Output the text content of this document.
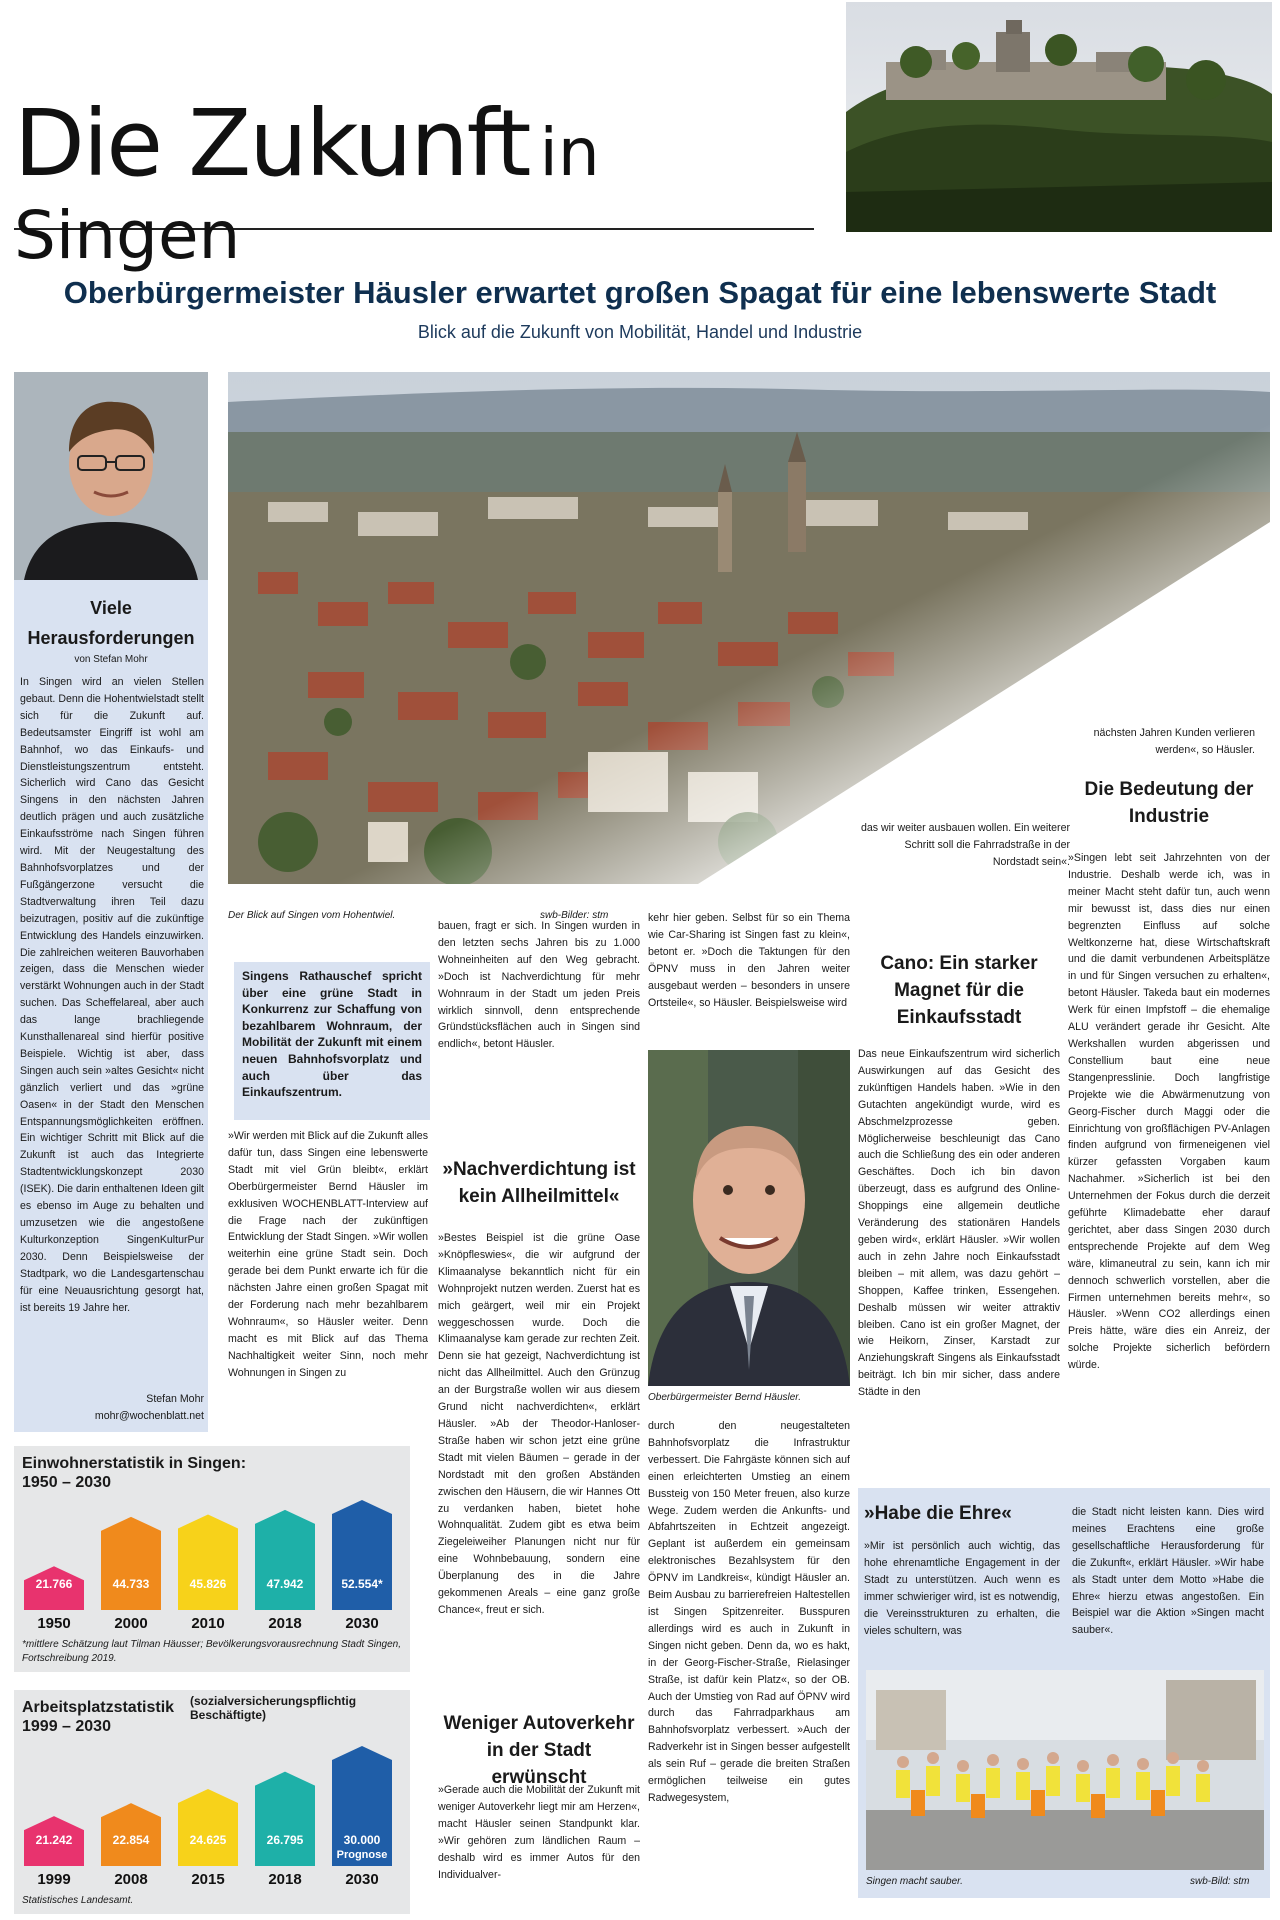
Die Zukunft in Singen
Oberbürgermeister Häusler erwartet großen Spagat für eine lebenswerte Stadt
Blick auf die Zukunft von Mobilität, Handel und Industrie
Viele
Herausforderungen
von Stefan Mohr
In Singen wird an vielen Stellen gebaut. Denn die Hohentwielstadt stellt sich für die Zukunft auf. Bedeutsamster Eingriff ist wohl am Bahnhof, wo das Einkaufs- und Dienstleistungszentrum entsteht. Sicherlich wird Cano das Gesicht Singens in den nächsten Jahren deutlich prägen und auch zusätzliche Einkaufsströme nach Singen führen wird. Mit der Neugestaltung des Bahnhofsvorplatzes und der Fußgängerzone versucht die Stadtverwaltung ihren Teil dazu beizutragen, positiv auf die zukünftige Entwicklung des Handels einzuwirken. Die zahlreichen weiteren Bauvorhaben zeigen, dass die Menschen wieder verstärkt Wohnungen auch in der Stadt suchen. Das Scheffelareal, aber auch das lange brachliegende Kunsthallenareal sind hierfür positive Beispiele. Wichtig ist aber, dass Singen auch sein »altes Gesicht« nicht gänzlich verliert und das »grüne Oasen« in der Stadt den Menschen Entspannungsmöglichkeiten eröffnen. Ein wichtiger Schritt mit Blick auf die Zukunft ist auch das Integrierte Stadtentwicklungskonzept 2030 (ISEK). Die darin enthaltenen Ideen gilt es ebenso im Auge zu behalten und umzusetzen wie die angestoßene Kulturkonzeption SingenKulturPur 2030. Denn Beispielsweise der Stadtpark, wo die Landesgartenschau für eine Neuausrichtung gesorgt hat, ist bereits 19 Jahre her.
Stefan Mohr
mohr@wochenblatt.net
nächsten Jahren Kunden verlieren werden«, so Häusler.
das wir weiter ausbauen wollen. Ein weiterer Schritt soll die Fahrradstraße in der Nordstadt sein«.
Der Blick auf Singen vom Hohentwiel.	swb-Bilder: stm
Singens Rathauschef spricht über eine grüne Stadt in Konkurrenz zur Schaffung von bezahlbarem Wohnraum, der Mobilität der Zukunft mit einem neuen Bahnhofsvorplatz und auch über das Einkaufszentrum.
»Wir werden mit Blick auf die Zukunft alles dafür tun, dass Singen eine lebenswerte Stadt mit viel Grün bleibt«, erklärt Oberbürgermeister Bernd Häusler im exklusiven WOCHENBLATT-Interview auf die Frage nach der zukünftigen Entwicklung der Stadt Singen. »Wir wollen weiterhin eine grüne Stadt sein. Doch gerade bei dem Punkt erwarte ich für die nächsten Jahre einen großen Spagat mit der Forderung nach mehr bezahlbarem Wohnraum«, so Häusler weiter. Denn macht es mit Blick auf das Thema Nachhaltigkeit weiter Sinn, noch mehr Wohnungen in Singen zu
bauen, fragt er sich. In Singen wurden in den letzten sechs Jahren bis zu 1.000 Wohneinheiten auf den Weg gebracht. »Doch ist Nachverdichtung für mehr Wohnraum in der Stadt um jeden Preis wirklich sinnvoll, denn entsprechende Gründstücksflächen auch in Singen sind endlich«, betont Häusler.
»Nachverdichtung ist kein Allheilmittel«
»Bestes Beispiel ist die grüne Oase »Knöpfleswies«, die wir aufgrund der Klimaanalyse bekanntlich nicht für ein Wohnprojekt nutzen werden. Zuerst hat es mich geärgert, weil mir ein Projekt weggeschossen wurde. Doch die Klimaanalyse kam gerade zur rechten Zeit. Denn sie hat gezeigt, Nachverdichtung ist nicht das Allheilmittel. Auch den Grünzug an der Burgstraße wollen wir aus diesem Grund nicht nachverdichten«, erklärt Häusler. »Ab der Theodor-Hanloser-Straße haben wir schon jetzt eine grüne Stadt mit vielen Bäumen – gerade in der Nordstadt mit den großen Abständen zwischen den Häusern, die wir Hannes Ott zu verdanken haben, bietet hohe Wohnqualität. Zudem gibt es etwa beim Ziegeleiweiher Planungen nicht nur für eine Wohnbebauung, sondern eine Überplanung des in die Jahre gekommenen Areals – eine ganz große Chance«, freut er sich.
Weniger Autoverkehr in der Stadt erwünscht
»Gerade auch die Mobilität der Zukunft mit weniger Autoverkehr liegt mir am Herzen«, macht Häusler seinen Standpunkt klar. »Wir gehören zum ländlichen Raum – deshalb wird es immer Autos für den Individualver-
kehr hier geben. Selbst für so ein Thema wie Car-Sharing ist Singen fast zu klein«, betont er. »Doch die Taktungen für den ÖPNV muss in den Jahren weiter ausgebaut werden – besonders in unsere Ortsteile«, so Häusler. Beispielsweise wird
Oberbürgermeister Bernd Häusler.
durch den neugestalteten Bahnhofsvorplatz die Infrastruktur verbessert. Die Fahrgäste können sich auf einen erleichterten Umstieg an einem Bussteig von 150 Meter freuen, also kurze Wege. Zudem werden die Ankunfts- und Abfahrtszeiten in Echtzeit angezeigt. Geplant ist außerdem ein gemeinsam elektronisches Bezahlsystem für den ÖPNV im Landkreis«, kündigt Häusler an. Beim Ausbau zu barrierefreien Haltestellen ist Singen Spitzenreiter. Busspuren allerdings wird es auch in Zukunft in Singen nicht geben. Denn da, wo es hakt, in der Georg-Fischer-Straße, Rielasinger Straße, ist dafür kein Platz«, so der OB. Auch der Umstieg von Rad auf ÖPNV wird durch das Fahrradparkhaus am Bahnhofsvorplatz verbessert. »Auch der Radverkehr ist in Singen besser aufgestellt als sein Ruf – gerade die breiten Straßen ermöglichen teilweise ein gutes Radwegesystem,
Cano: Ein starker Magnet für die Einkaufsstadt
Das neue Einkaufszentrum wird sicherlich Auswirkungen auf das Gesicht des zukünftigen Handels haben. »Wie in den Gutachten angekündigt wurde, wird es Abschmelzprozesse geben. Möglicherweise beschleunigt das Cano auch die Schließung des ein oder anderen Geschäftes. Doch ich bin davon überzeugt, dass es aufgrund des Online-Shoppings eine allgemein deutliche Veränderung des stationären Handels geben wird«, erklärt Häusler. »Wir wollen auch in zehn Jahre noch Einkaufsstadt bleiben – mit allem, was dazu gehört – Shoppen, Kaffee trinken, Essengehen. Deshalb müssen wir weiter attraktiv bleiben. Cano ist ein großer Magnet, der wie Heikorn, Zinser, Karstadt zur Anziehungskraft Singens als Einkaufsstadt beiträgt. Ich bin mir sicher, dass andere Städte in den
Die Bedeutung der Industrie
»Singen lebt seit Jahrzehnten von der Industrie. Deshalb werde ich, was in meiner Macht steht dafür tun, auch wenn mir bewusst ist, dass dies nur einen begrenzten Einfluss auf solche Weltkonzerne hat, diese Wirtschaftskraft und die damit verbundenen Arbeitsplätze in und für Singen versuchen zu erhalten«, betont Häusler. Takeda baut ein modernes Werk für einen Impfstoff – die ehemalige ALU verändert gerade ihr Gesicht. Alte Werkshallen wurden abgerissen und Constellium baut eine neue Stangenpresslinie. Doch langfristige Projekte wie die Abwärmenutzung von Georg-Fischer durch Maggi oder die Einrichtung von großflächigen PV-Anlagen finden aufgrund von firmeneigenen viel kürzer gefassten Vorgaben kaum Nachahmer. »Sicherlich ist bei den Unternehmen der Fokus durch die derzeit geführte Klimadebatte eher darauf gerichtet, aber dass Singen 2030 durch entsprechende Projekte auf dem Weg wäre, klimaneutral zu sein, kann ich mir dennoch schwerlich vorstellen, aber die Firmen unternehmen bereits mehr«, so Häusler. »Wenn CO2 allerdings einen Preis hätte, wäre dies ein Anreiz, der solche Projekte sicherlich befördern würde.
»Habe die Ehre«
»Mir ist persönlich auch wichtig, das hohe ehrenamtliche Engagement in der Stadt zu unterstützen. Auch wenn es immer schwieriger wird, ist es notwendig, die Vereinsstrukturen zu erhalten, die vieles schultern, was
die Stadt nicht leisten kann. Dies wird meines Erachtens eine große gesellschaftliche Herausforderung für die Zukunft«, erklärt Häusler. »Wir habe als Stadt unter dem Motto »Habe die Ehre« hierzu etwas angestoßen. Ein Beispiel war die Aktion »Singen macht sauber«.
Singen macht sauber.	swb-Bild: stm
Einwohnerstatistik in Singen:
1950 – 2030
21.766
1950
44.733
2000
45.826
2010
47.942
2018
52.554*
2030
*mittlere Schätzung laut Tilman Häusser; Bevölkerungsvorausrechnung Stadt Singen, Fortschreibung 2019.
Arbeitsplatzstatistik
1999 – 2030
(sozialversicherungspflichtig Beschäftigte)
21.242
1999
22.854
2008
24.625
2015
26.795
2018
30.000
Prognose
2030
Statistisches Landesamt.
